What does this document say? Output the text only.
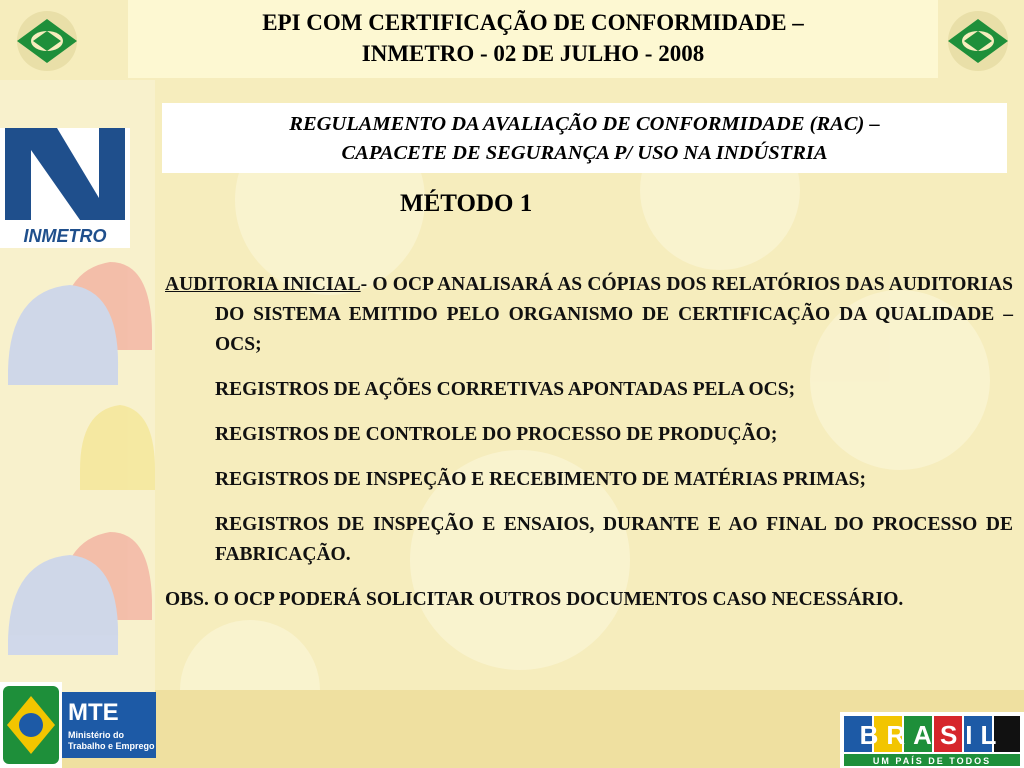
INMETRO
EPI COM CERTIFICAÇÃO DE CONFORMIDADE –
INMETRO - 02 DE JULHO - 2008
REGULAMENTO DA AVALIAÇÃO DE CONFORMIDADE (RAC) –
CAPACETE DE SEGURANÇA P/ USO NA INDÚSTRIA
MÉTODO 1

AUDITORIA INICIAL- O OCP ANALISARÁ AS CÓPIAS DOS RELATÓRIOS DAS AUDITORIAS DO SISTEMA EMITIDO PELO ORGANISMO DE CERTIFICAÇÃO DA QUALIDADE – OCS;

REGISTROS DE AÇÕES CORRETIVAS APONTADAS PELA OCS;

REGISTROS DE CONTROLE DO PROCESSO DE PRODUÇÃO;

REGISTROS DE INSPEÇÃO E RECEBIMENTO DE MATÉRIAS PRIMAS;

REGISTROS DE INSPEÇÃO E ENSAIOS, DURANTE E AO FINAL DO PROCESSO DE FABRICAÇÃO.

OBS. O OCP PODERÁ SOLICITAR OUTROS DOCUMENTOS CASO NECESSÁRIO.

MTE
Ministério do
Trabalho e Emprego	BRASIL
UM PAÍS DE TODOS
